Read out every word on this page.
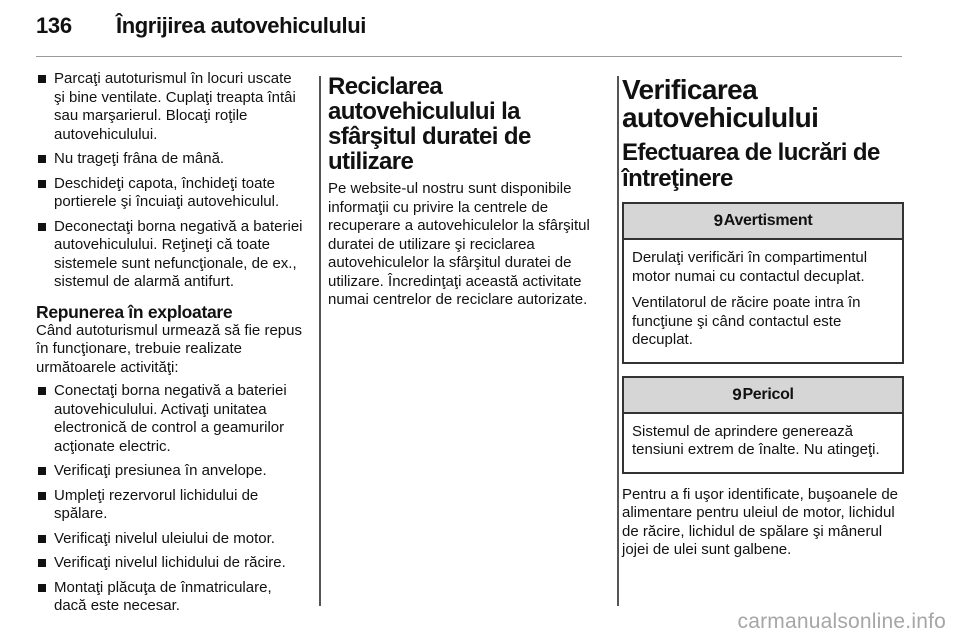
136	Îngrijirea autovehiculului
Parcaţi autoturismul în locuri uscate şi bine ventilate. Cuplaţi treapta întâi sau marşarierul. Blocaţi roţile autovehiculului.
Nu trageţi frâna de mână.
Deschideţi capota, închideţi toate portierele şi încuiaţi autovehiculul.
Deconectaţi borna negativă a bateriei autovehiculului. Reţineţi că toate sistemele sunt nefuncţionale, de ex., sistemul de alarmă antifurt.
Repunerea în exploatare

Când autoturismul urmează să fie repus în funcţionare, trebuie realizate următoarele activităţi:

Conectaţi borna negativă a bateriei autovehiculului. Activaţi unitatea electronică de control a geamurilor acţionate electric.
Verificaţi presiunea în anvelope.
Umpleţi rezervorul lichidului de spălare.
Verificaţi nivelul uleiului de motor.
Verificaţi nivelul lichidului de răcire.
Montaţi plăcuţa de înmatriculare, dacă este necesar.
Reciclarea autovehiculului la sfârşitul duratei de utilizare

Pe website-ul nostru sunt disponibile informaţii cu privire la centrele de recuperare a autovehiculelor la sfârşitul duratei de utilizare şi reciclarea autovehiculelor la sfârşitul duratei de utilizare. Încredinţaţi această activitate numai centrelor de reciclare autorizate.

Verificarea autovehiculului
Efectuarea de lucrări de întreţinere
9 Avertisment

Derulaţi verificări în compartimentul motor numai cu contactul decuplat.

Ventilatorul de răcire poate intra în funcţiune şi când contactul este decuplat.

9 Pericol

Sistemul de aprindere generează tensiuni extrem de înalte. Nu atingeţi.

Pentru a fi uşor identificate, buşoanele de alimentare pentru uleiul de motor, lichidul de răcire, lichidul de spălare şi mânerul jojei de ulei sunt galbene.

carmanualsonline.info
